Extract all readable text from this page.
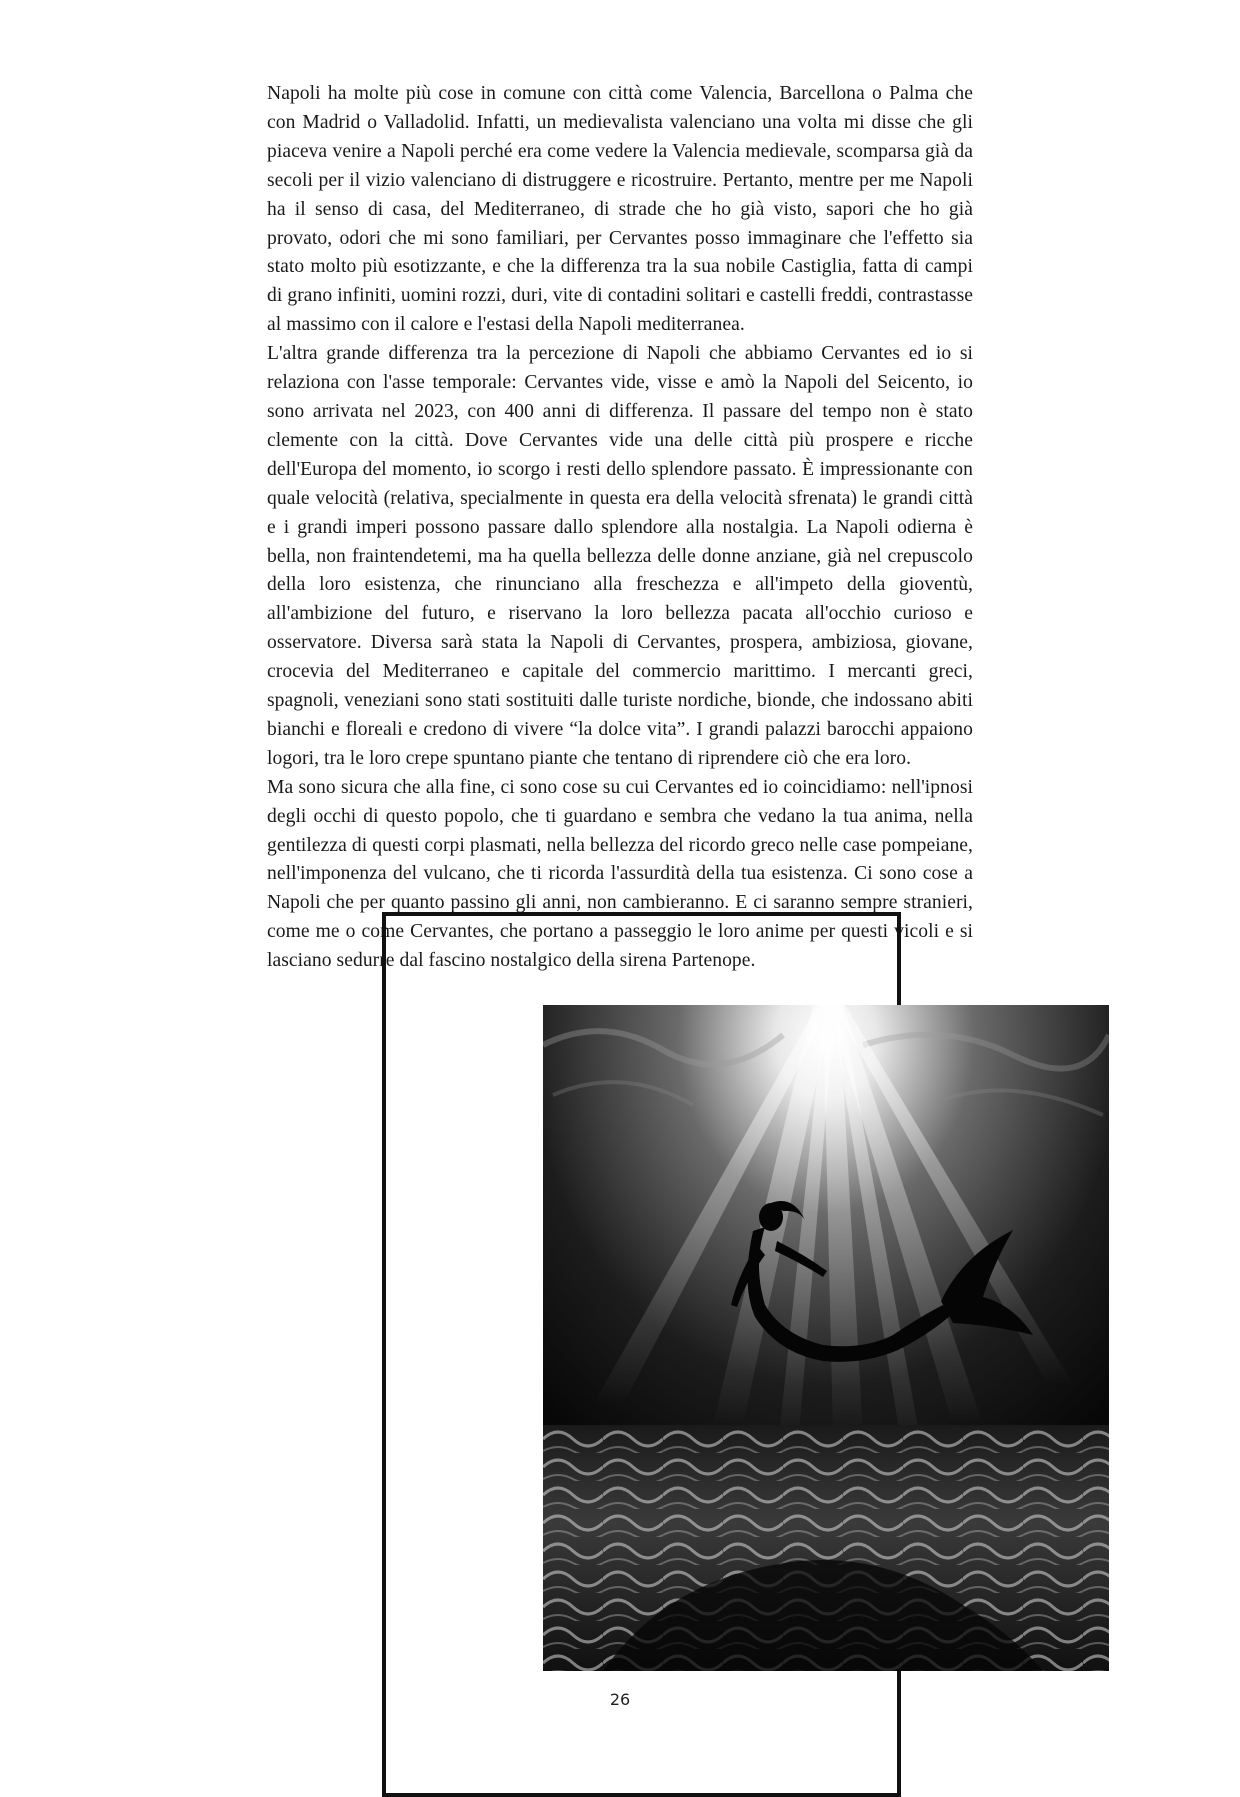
Napoli ha molte più cose in comune con città come Valencia, Barcellona o Palma che con Madrid o Valladolid. Infatti, un medievalista valenciano una volta mi disse che gli piaceva venire a Napoli perché era come vedere la Valencia medievale, scomparsa già da secoli per il vizio valenciano di distruggere e ricostruire. Pertanto, mentre per me Napoli ha il senso di casa, del Mediterraneo, di strade che ho già visto, sapori che ho già provato, odori che mi sono familiari, per Cervantes posso immaginare che l'effetto sia stato molto più esotizzante, e che la differenza tra la sua nobile Castiglia, fatta di campi di grano infiniti, uomini rozzi, duri, vite di contadini solitari e castelli freddi, contrastasse al massimo con il calore e l'estasi della Napoli mediterranea.

L'altra grande differenza tra la percezione di Napoli che abbiamo Cervantes ed io si relaziona con l'asse temporale: Cervantes vide, visse e amò la Napoli del Seicento, io sono arrivata nel 2023, con 400 anni di differenza. Il passare del tempo non è stato clemente con la città. Dove Cervantes vide una delle città più prospere e ricche dell'Europa del momento, io scorgo i resti dello splendore passato. È impressionante con quale velocità (relativa, specialmente in questa era della velocità sfrenata) le grandi città e i grandi imperi possono passare dallo splendore alla nostalgia. La Napoli odierna è bella, non fraintendetemi, ma ha quella bellezza delle donne anziane, già nel crepuscolo della loro esistenza, che rinunciano alla freschezza e all'impeto della gioventù, all'ambizione del futuro, e riservano la loro bellezza pacata all'occhio curioso e osservatore. Diversa sarà stata la Napoli di Cervantes, prospera, ambiziosa, giovane, crocevia del Mediterraneo e capitale del commercio marittimo. I mercanti greci, spagnoli, veneziani sono stati sostituiti dalle turiste nordiche, bionde, che indossano abiti bianchi e floreali e credono di vivere “la dolce vita”. I grandi palazzi barocchi appaiono logori, tra le loro crepe spuntano piante che tentano di riprendere ciò che era loro.

Ma sono sicura che alla fine, ci sono cose su cui Cervantes ed io coincidiamo: nell'ipnosi degli occhi di questo popolo, che ti guardano e sembra che vedano la tua anima, nella gentilezza di questi corpi plasmati, nella bellezza del ricordo greco nelle case pompeiane, nell'imponenza del vulcano, che ti ricorda l'assurdità della tua esistenza. Ci sono cose a Napoli che per quanto passino gli anni, non cambieranno. E ci saranno sempre stranieri, come me o come Cervantes, che portano a passeggio le loro anime per questi vicoli e si lasciano sedurre dal fascino nostalgico della sirena Partenope.

26
